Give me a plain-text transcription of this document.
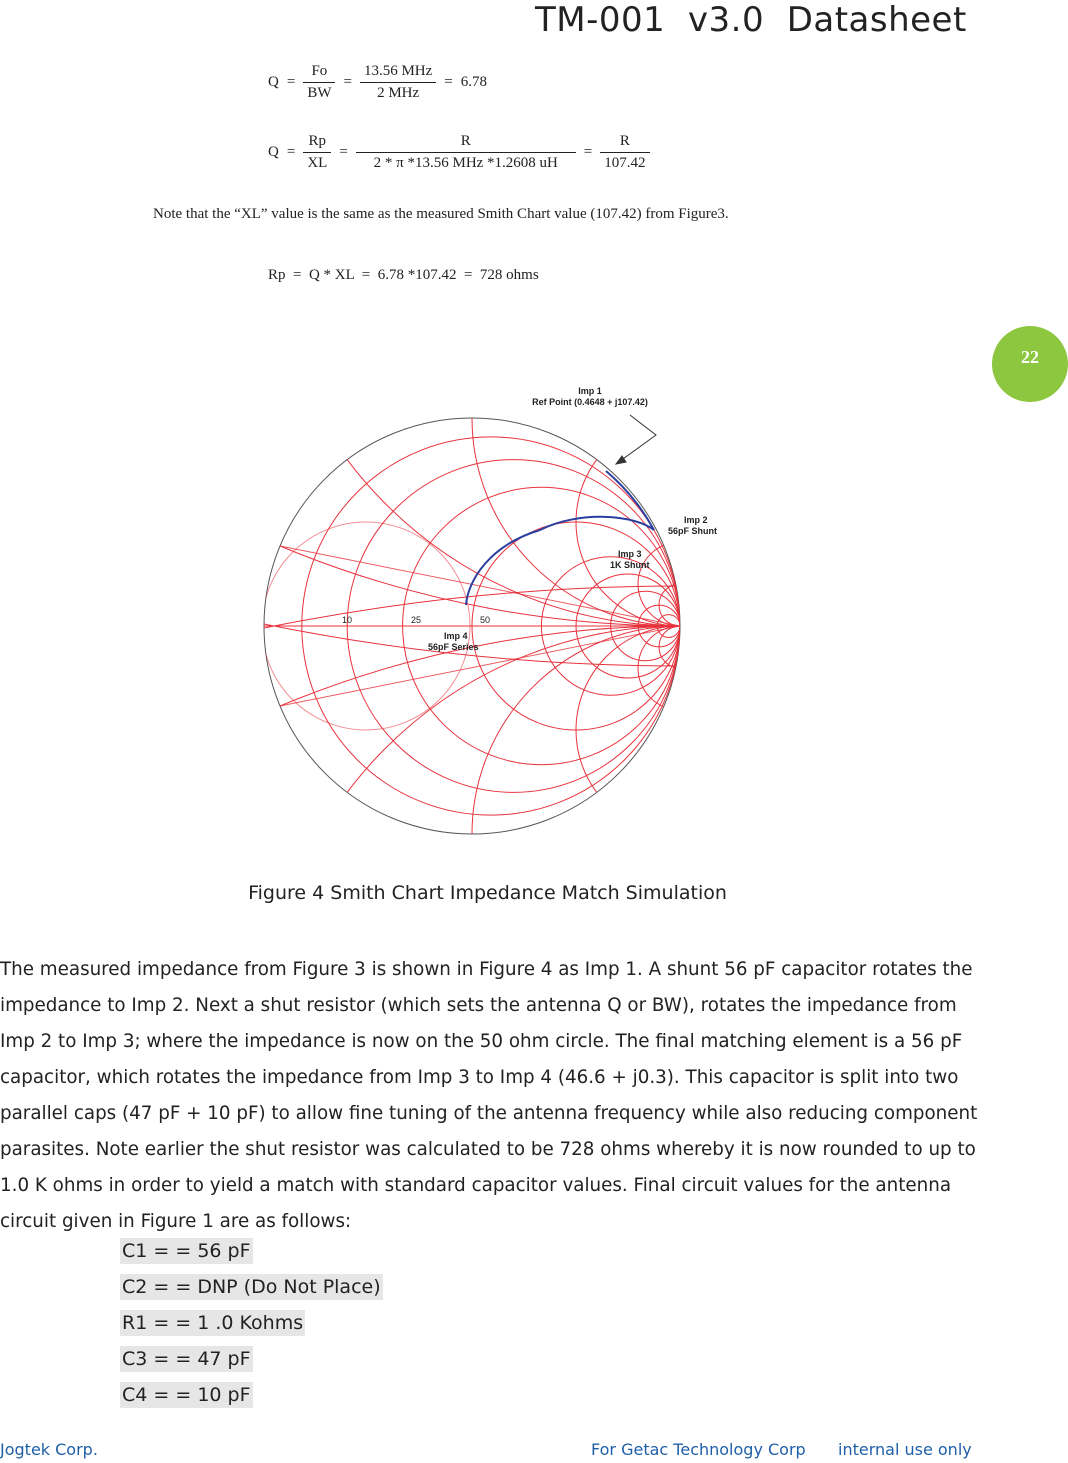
TM-001  v3.0  Datasheet
22
$Q = \frac{Fo}{BW} = \frac{\text{13.56 MHz}}{\text{2 MHz}} = 6.78$
$Q = \frac{Rp}{XL} = \frac{R}{\text{2 * π *13.56 MHz *1.2608 uH}} = \frac{R}{107.42}$
Note that the “XL” value is the same as the measured Smith Chart value (107.42) from Figure3.
Rp  =  Q * XL  =  6.78 *107.42  =  728 ohms
Imp 1
Ref Point (0.4648 + j107.42)
Imp 2
56pF Shunt
Imp 3
1K Shunt
Imp 4
56pF Series
10	25	50
Figure 4 Smith Chart Impedance Match Simulation
The measured impedance from Figure 3 is shown in Figure 4 as Imp 1. A shunt 56 pF capacitor rotates the impedance to Imp 2. Next a shut resistor (which sets the antenna Q or BW), rotates the impedance from Imp 2 to Imp 3; where the impedance is now on the 50 ohm circle. The final matching element is a 56 pF capacitor, which rotates the impedance from Imp 3 to Imp 4 (46.6 + j0.3). This capacitor is split into two parallel caps (47 pF + 10 pF) to allow fine tuning of the antenna frequency while also reducing component parasites. Note earlier the shut resistor was calculated to be 728 ohms whereby it is now rounded to up to 1.0 K ohms in order to yield a match with standard capacitor values. Final circuit values for the antenna circuit given in Figure 1 are as follows:
C1 = = 56 pF
C2 = = DNP (Do Not Place)
R1 = = 1 .0 Kohms
C3 = = 47 pF
C4 = = 10 pF
Jogtek Corp.	For Getac Technology Corp internal use only
